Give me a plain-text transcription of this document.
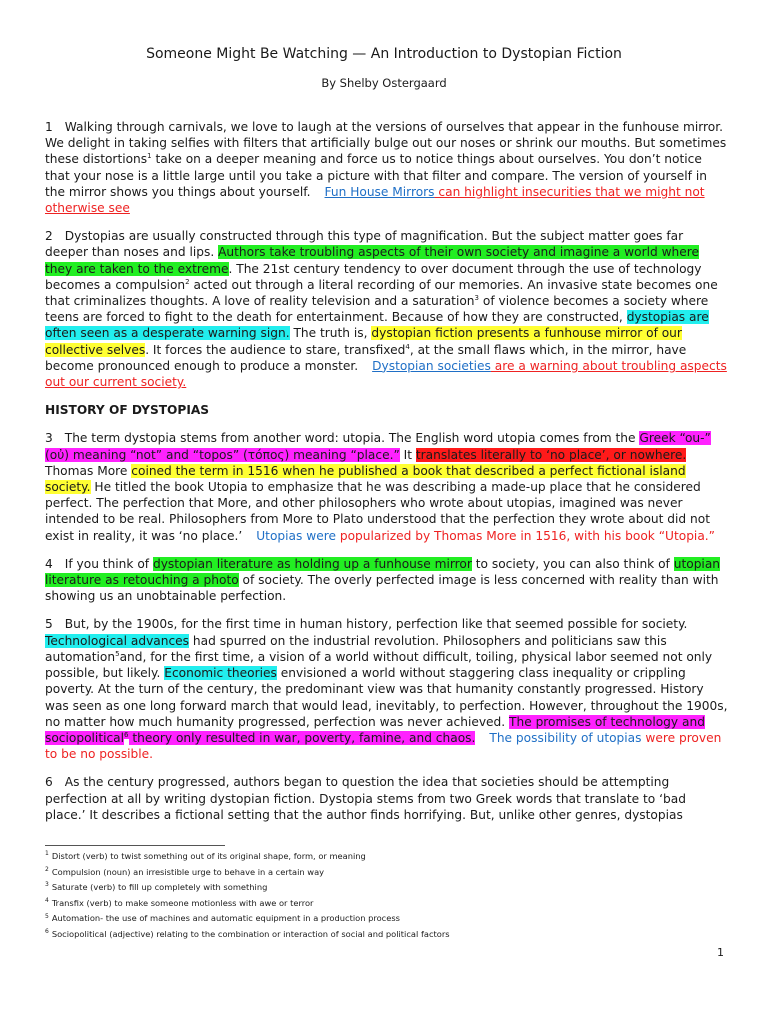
Someone Might Be Watching — An Introduction to Dystopian Fiction
By Shelby Ostergaard

1 Walking through carnivals, we love to laugh at the versions of ourselves that appear in the funhouse mirror. We delight in taking selfies with filters that artificially bulge out our noses or shrink our mouths. But sometimes these distortions$^1$ take on a deeper meaning and force us to notice things about ourselves. You don’t notice that your nose is a little large until you take a picture with that filter and compare. The version of yourself in the mirror shows you things about yourself. Fun House Mirrors can highlight insecurities that we might not otherwise see

2 Dystopias are usually constructed through this type of magnification. But the subject matter goes far deeper than noses and lips. Authors take troubling aspects of their own society and imagine a world where they are taken to the extreme. The 21st century tendency to over document through the use of technology becomes a compulsion$^2$ acted out through a literal recording of our memories. An invasive state becomes one that criminalizes thoughts. A love of reality television and a saturation$^3$ of violence becomes a society where teens are forced to fight to the death for entertainment. Because of how they are constructed, dystopias are often seen as a desperate warning sign. The truth is, dystopian fiction presents a funhouse mirror of our collective selves. It forces the audience to stare, transfixed$^4$, at the small flaws which, in the mirror, have become pronounced enough to produce a monster. Dystopian societies are a warning about troubling aspects out our current society.

HISTORY OF DYSTOPIAS

3 The term dystopia stems from another word: utopia. The English word utopia comes from the Greek “ou-” (οὐ) meaning “not” and “topos” (τόπος) meaning “place.” It translates literally to ‘no place’, or nowhere. Thomas More coined the term in 1516 when he published a book that described a perfect fictional island society. He titled the book Utopia to emphasize that he was describing a made-up place that he considered perfect. The perfection that More, and other philosophers who wrote about utopias, imagined was never intended to be real. Philosophers from More to Plato understood that the perfection they wrote about did not exist in reality, it was ‘no place.’ Utopias were popularized by Thomas More in 1516, with his book “Utopia.”

4 If you think of dystopian literature as holding up a funhouse mirror to society, you can also think of utopian literature as retouching a photo of society. The overly perfected image is less concerned with reality than with showing us an unobtainable perfection.

5 But, by the 1900s, for the first time in human history, perfection like that seemed possible for society. Technological advances had spurred on the industrial revolution. Philosophers and politicians saw this automation$^5$and, for the first time, a vision of a world without difficult, toiling, physical labor seemed not only possible, but likely. Economic theories envisioned a world without staggering class inequality or crippling poverty. At the turn of the century, the predominant view was that humanity constantly progressed. History was seen as one long forward march that would lead, inevitably, to perfection. However, throughout the 1900s, no matter how much humanity progressed, perfection was never achieved. The promises of technology and sociopolitical$^6$ theory only resulted in war, poverty, famine, and chaos. The possibility of utopias were proven to be no possible.

6 As the century progressed, authors began to question the idea that societies should be attempting perfection at all by writing dystopian fiction. Dystopia stems from two Greek words that translate to ‘bad place.’ It describes a fictional setting that the author finds horrifying. But, unlike other genres, dystopias

$^1$ Distort (verb) to twist something out of its original shape, form, or meaning
$^2$ Compulsion (noun) an irresistible urge to behave in a certain way
$^3$ Saturate (verb) to fill up completely with something
$^4$ Transfix (verb) to make someone motionless with awe or terror
$^5$ Automation- the use of machines and automatic equipment in a production process
$^6$ Sociopolitical (adjective) relating to the combination or interaction of social and political factors
1
